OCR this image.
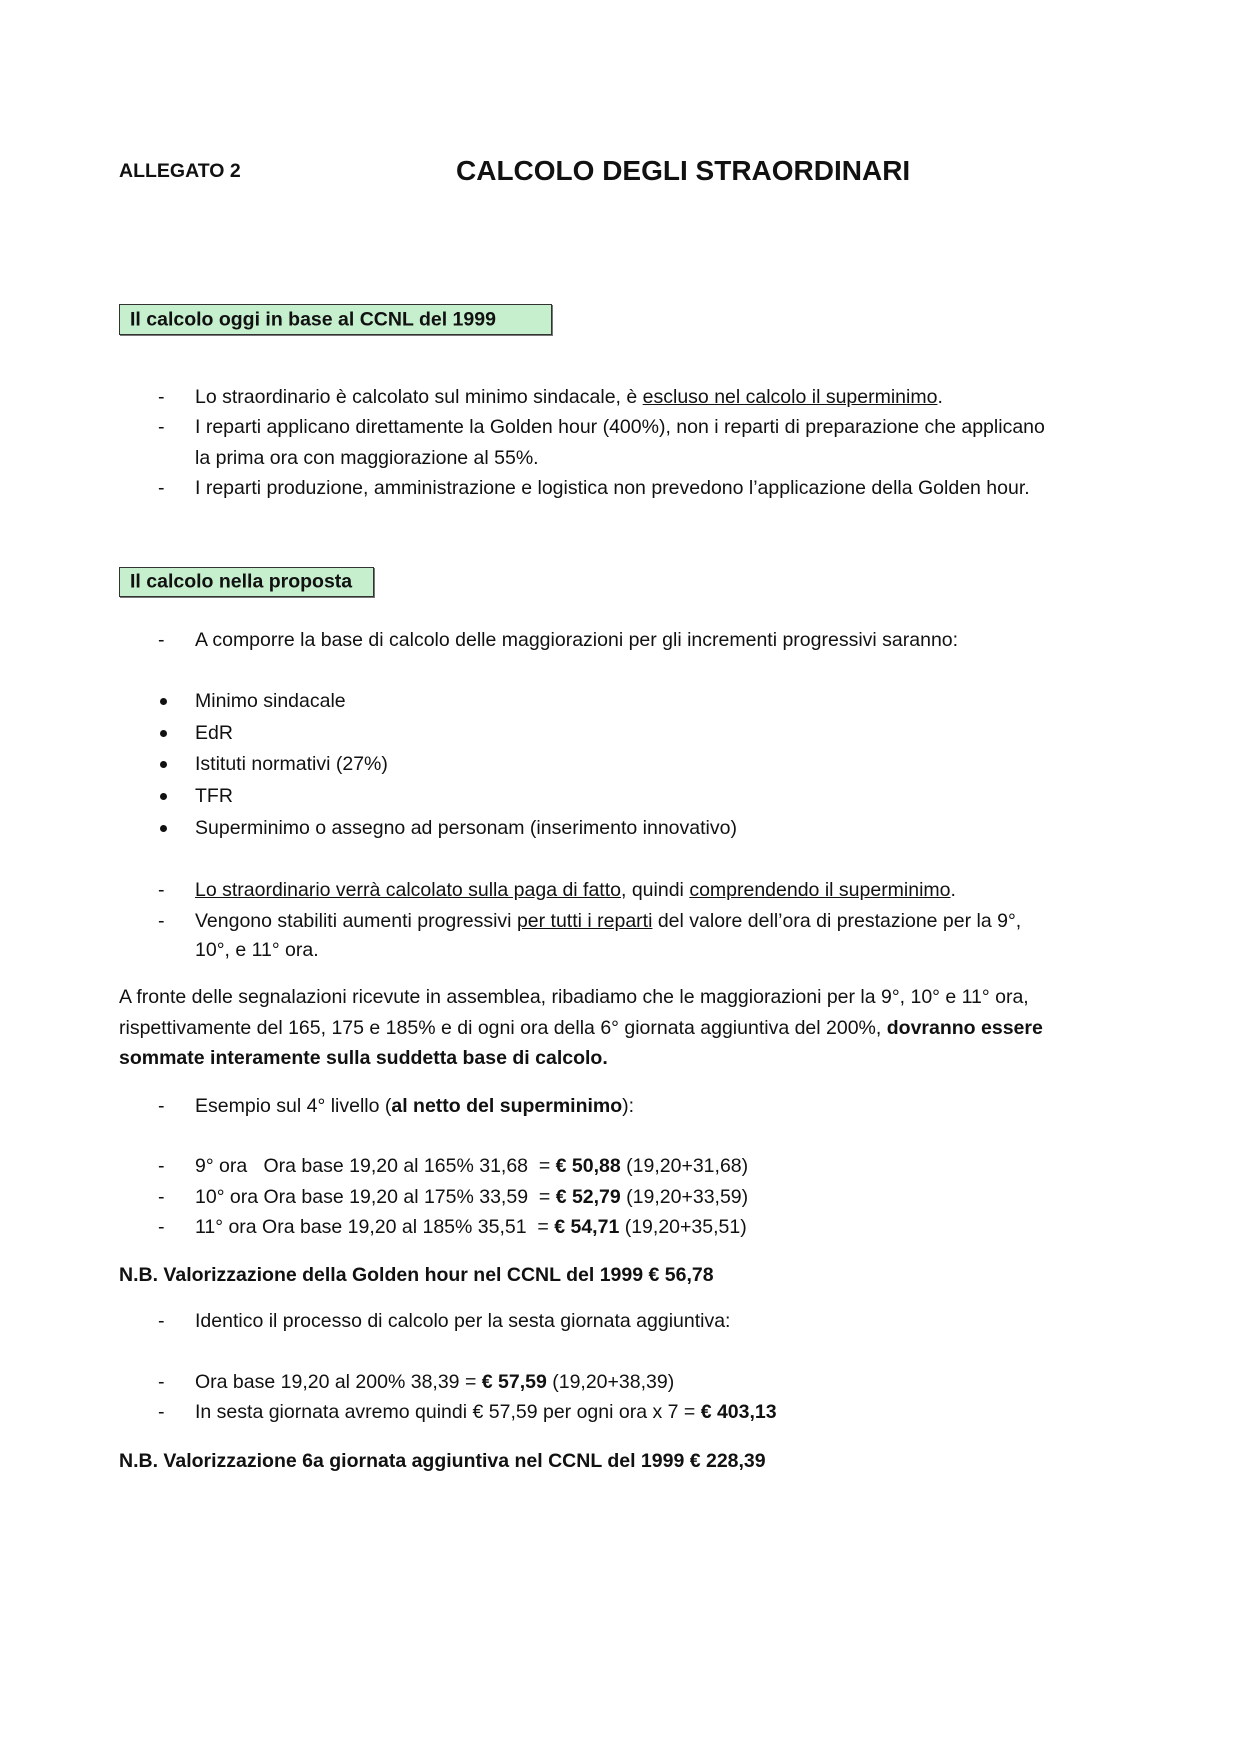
ALLEGATO 2	CALCOLO DEGLI STRAORDINARI
Il calcolo oggi in base al CCNL del 1999
- Lo straordinario è calcolato sul minimo sindacale, è escluso nel calcolo il superminimo.
- I reparti applicano direttamente la Golden hour (400%), non i reparti di preparazione che applicano
la prima ora con maggiorazione al 55%.
- I reparti produzione, amministrazione e logistica non prevedono l’applicazione della Golden hour.
Il calcolo nella proposta
- A comporre la base di calcolo delle maggiorazioni per gli incrementi progressivi saranno:
Minimo sindacale
EdR
Istituti normativi (27%)
TFR
Superminimo o assegno ad personam (inserimento innovativo)
- Lo straordinario verrà calcolato sulla paga di fatto, quindi comprendendo il superminimo.
- Vengono stabiliti aumenti progressivi per tutti i reparti del valore dell’ora di prestazione per la 9°,
10°, e 11° ora.
A fronte delle segnalazioni ricevute in assemblea, ribadiamo che le maggiorazioni per la 9°, 10° e 11° ora,
rispettivamente del 165, 175 e 185% e di ogni ora della 6° giornata aggiuntiva del 200%, dovranno essere
sommate interamente sulla suddetta base di calcolo.
- Esempio sul 4° livello (al netto del superminimo):
- 9° ora   Ora base 19,20 al 165% 31,68  = € 50,88 (19,20+31,68)
- 10° ora Ora base 19,20 al 175% 33,59  = € 52,79 (19,20+33,59)
- 11° ora Ora base 19,20 al 185% 35,51  = € 54,71 (19,20+35,51)
N.B. Valorizzazione della Golden hour nel CCNL del 1999 € 56,78
- Identico il processo di calcolo per la sesta giornata aggiuntiva:
- Ora base 19,20 al 200% 38,39 = € 57,59 (19,20+38,39)
- In sesta giornata avremo quindi € 57,59 per ogni ora x 7 = € 403,13
N.B. Valorizzazione 6a giornata aggiuntiva nel CCNL del 1999 € 228,39
